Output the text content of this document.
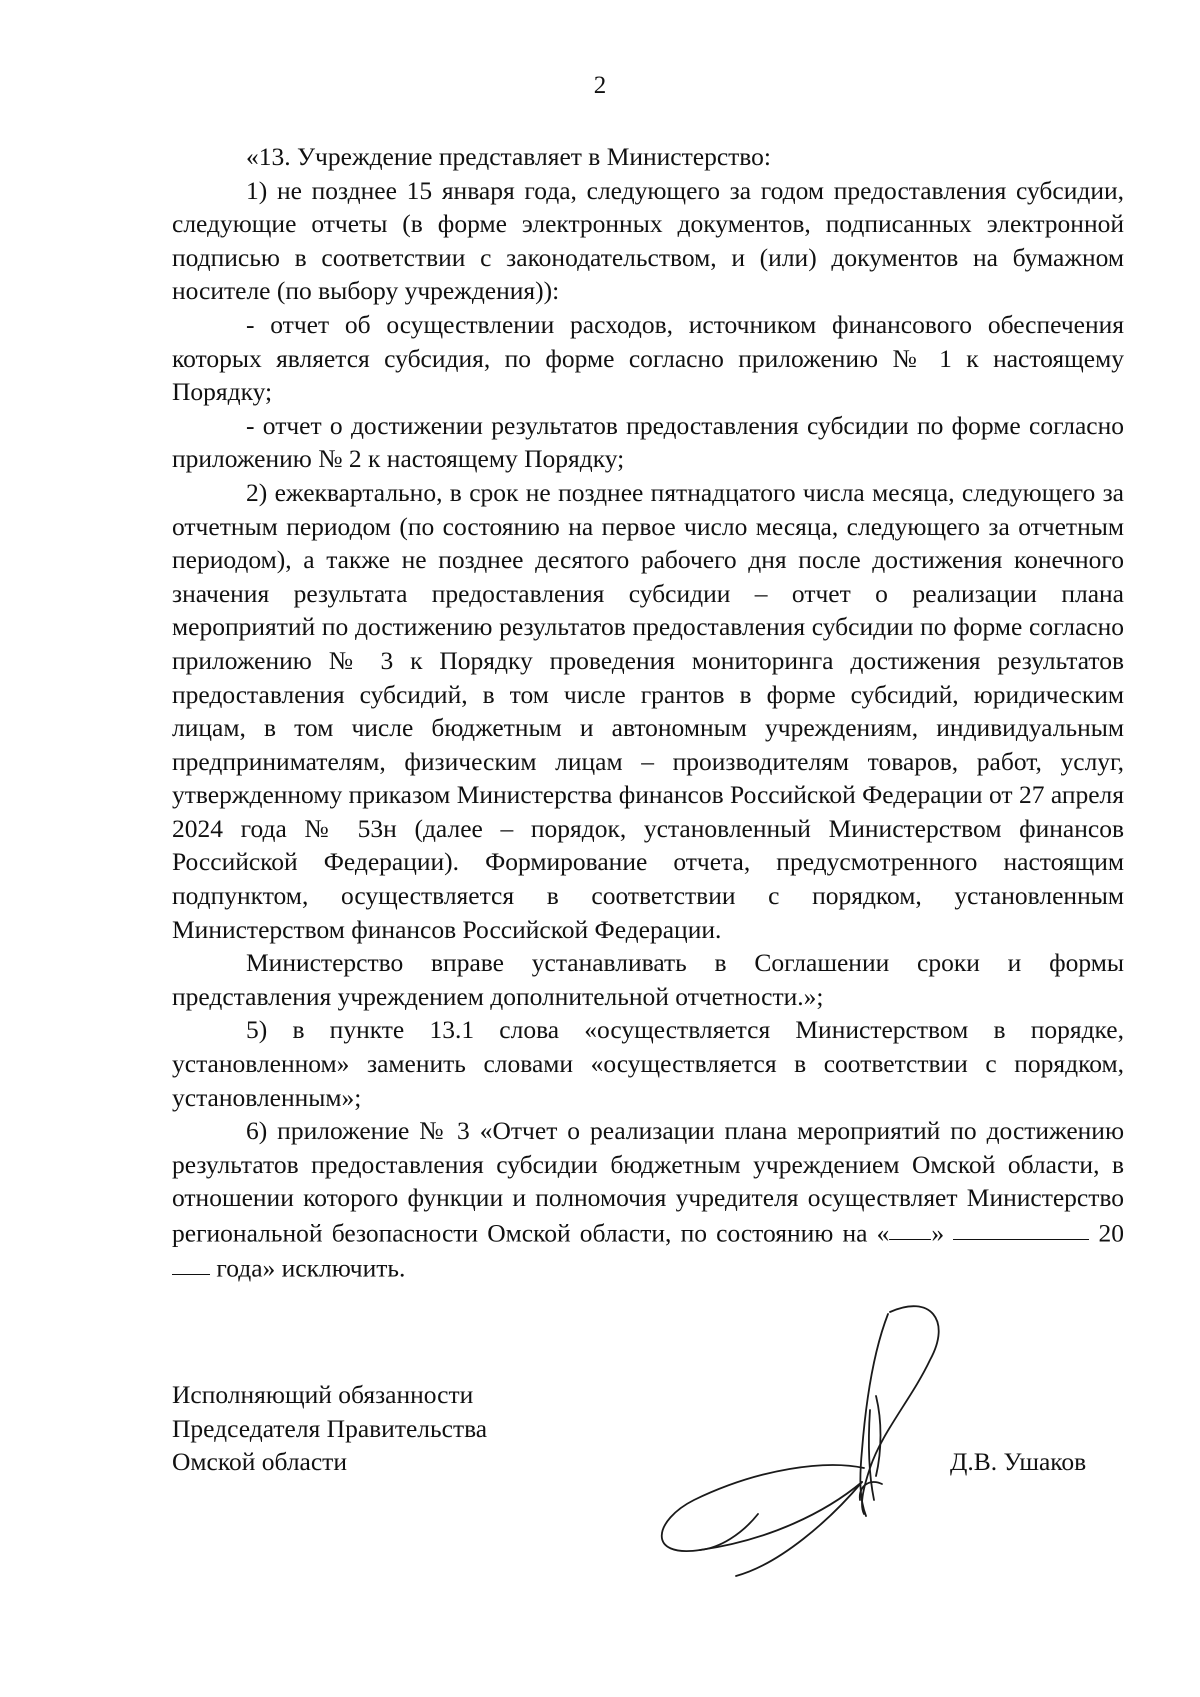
2

«13. Учреждение представляет в Министерство:

1) не позднее 15 января года, следующего за годом предоставления субсидии, следующие отчеты (в форме электронных документов, подписанных электронной подписью в соответствии с законодательством, и (или) документов на бумажном носителе (по выбору учреждения)):

- отчет об осуществлении расходов, источником финансового обеспечения которых является субсидия, по форме согласно приложению № 1 к настоящему Порядку;

- отчет о достижении результатов предоставления субсидии по форме согласно приложению № 2 к настоящему Порядку;

2) ежеквартально, в срок не позднее пятнадцатого числа месяца, следующего за отчетным периодом (по состоянию на первое число месяца, следующего за отчетным периодом), а также не позднее десятого рабочего дня после достижения конечного значения результата предоставления субсидии – отчет о реализации плана мероприятий по достижению результатов предоставления субсидии по форме согласно приложению № 3 к Порядку проведения мониторинга достижения результатов предоставления субсидий, в том числе грантов в форме субсидий, юридическим лицам, в том числе бюджетным и автономным учреждениям, индивидуальным предпринимателям, физическим лицам – производителям товаров, работ, услуг, утвержденному приказом Министерства финансов Российской Федерации от 27 апреля 2024 года № 53н (далее – порядок, установленный Министерством финансов Российской Федерации). Формирование отчета, предусмотренного настоящим подпунктом, осуществляется в соответствии с порядком, установленным Министерством финансов Российской Федерации.

Министерство вправе устанавливать в Соглашении сроки и формы представления учреждением дополнительной отчетности.»;

5) в пункте 13.1 слова «осуществляется Министерством в порядке, установленном» заменить словами «осуществляется в соответствии с порядком, установленным»;

6) приложение № 3 «Отчет о реализации плана мероприятий по достижению результатов предоставления субсидии бюджетным учреждением Омской области, в отношении которого функции и полномочия учредителя осуществляет Министерство региональной безопасности Омской области, по состоянию на « »	20 года» исключить.

Исполняющий обязанности
Председателя Правительства
Омской области	Д.В. Ушаков
